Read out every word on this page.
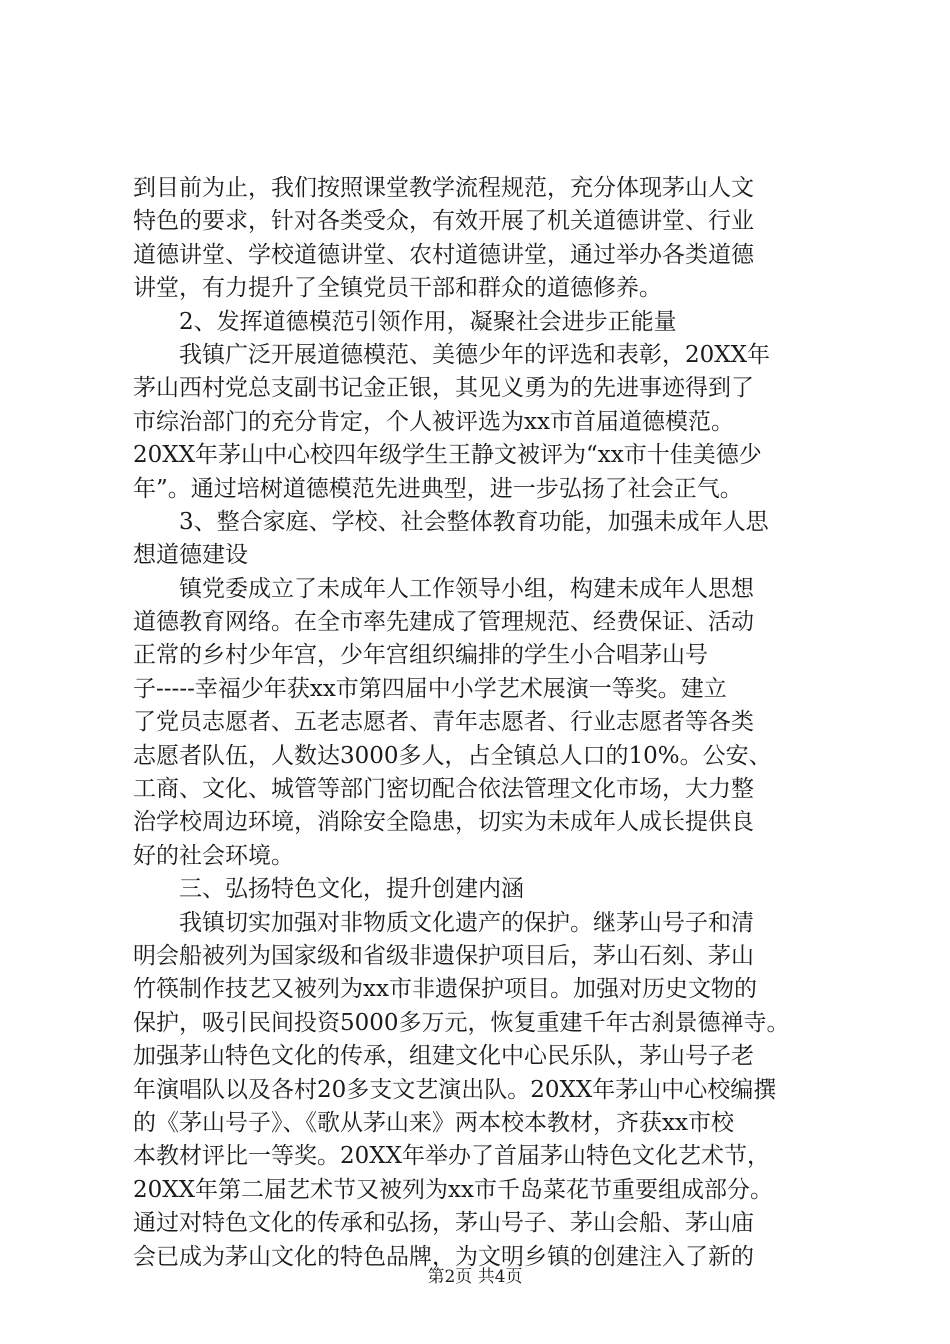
到目前为止，我们按照课堂教学流程规范，充分体现茅山人文
特色的要求，针对各类受众，有效开展了机关道德讲堂、行业
道德讲堂、学校道德讲堂、农村道德讲堂，通过举办各类道德
讲堂，有力提升了全镇党员干部和群众的道德修养。
　　2、发挥道德模范引领作用，凝聚社会进步正能量
　　我镇广泛开展道德模范、美德少年的评选和表彰，20XX年
茅山西村党总支副书记金正银，其见义勇为的先进事迹得到了
市综治部门的充分肯定，个人被评选为xx市首届道德模范。
20XX年茅山中心校四年级学生王静文被评为“xx市十佳美德少
年”。通过培树道德模范先进典型，进一步弘扬了社会正气。
　　3、整合家庭、学校、社会整体教育功能，加强未成年人思
想道德建设
　　镇党委成立了未成年人工作领导小组，构建未成年人思想
道德教育网络。在全市率先建成了管理规范、经费保证、活动
正常的乡村少年宫，少年宫组织编排的学生小合唱茅山号
子-----幸福少年获xx市第四届中小学艺术展演一等奖。建立
了党员志愿者、五老志愿者、青年志愿者、行业志愿者等各类
志愿者队伍，人数达3000多人，占全镇总人口的10%。公安、
工商、文化、城管等部门密切配合依法管理文化市场，大力整
治学校周边环境，消除安全隐患，切实为未成年人成长提供良
好的社会环境。
　　三、弘扬特色文化，提升创建内涵
　　我镇切实加强对非物质文化遗产的保护。继茅山号子和清
明会船被列为国家级和省级非遗保护项目后，茅山石刻、茅山
竹筷制作技艺又被列为xx市非遗保护项目。加强对历史文物的
保护，吸引民间投资5000多万元，恢复重建千年古刹景德禅寺。
加强茅山特色文化的传承，组建文化中心民乐队，茅山号子老
年演唱队以及各村20多支文艺演出队。20XX年茅山中心校编撰
的《茅山号子》、《歌从茅山来》两本校本教材，齐获xx市校
本教材评比一等奖。20XX年举办了首届茅山特色文化艺术节，
20XX年第二届艺术节又被列为xx市千岛菜花节重要组成部分。
通过对特色文化的传承和弘扬，茅山号子、茅山会船、茅山庙
会已成为茅山文化的特色品牌，为文明乡镇的创建注入了新的
第2页 共4页
